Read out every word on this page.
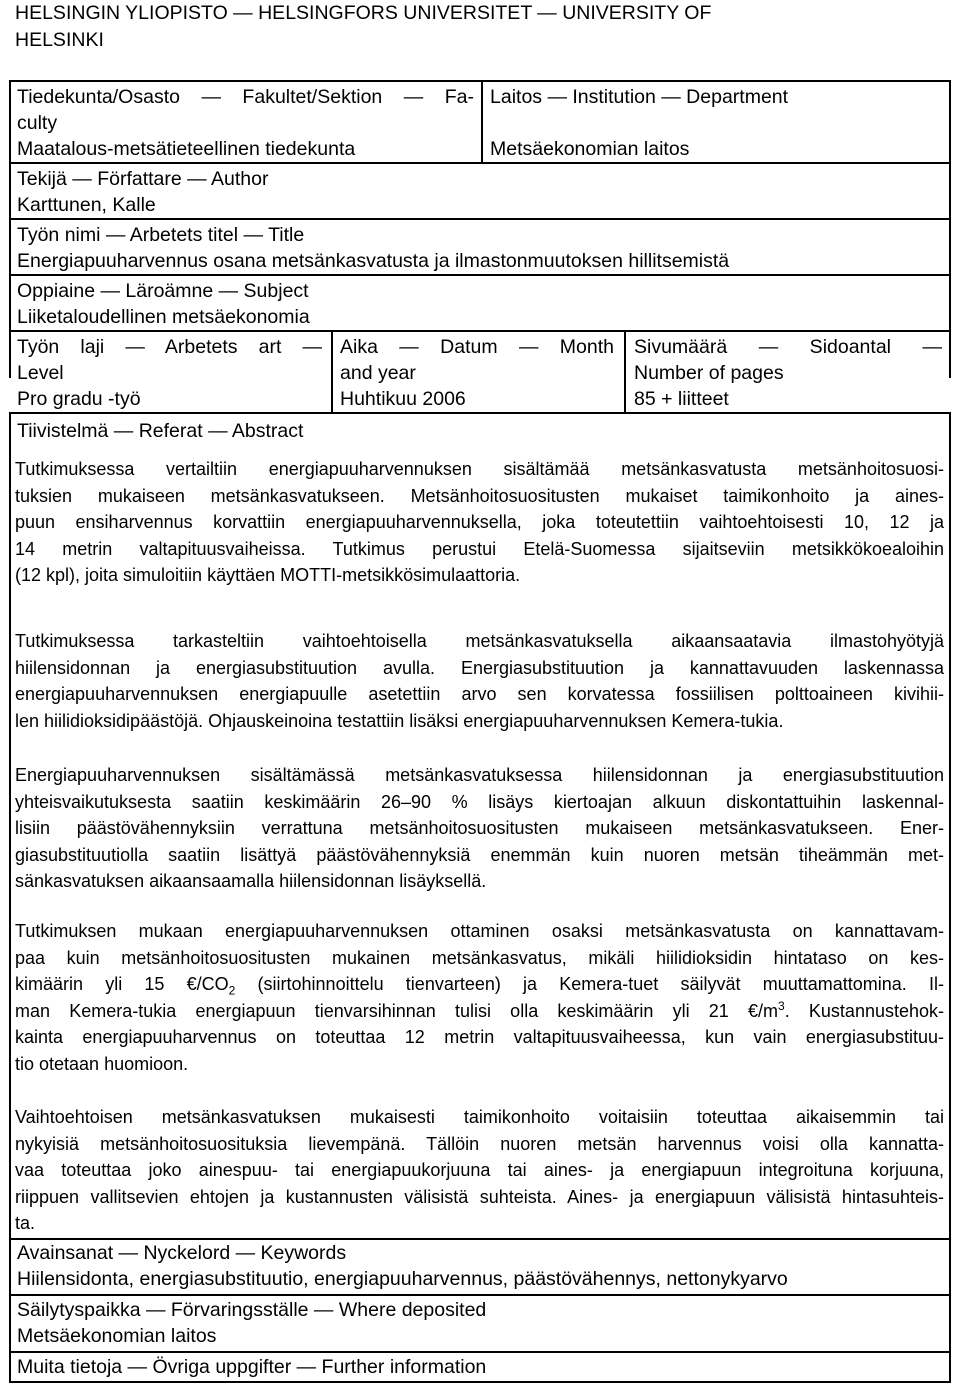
HELSINGIN YLIOPISTO — HELSINGFORS UNIVERSITET — UNIVERSITY OF
HELSINKI
Tiedekunta/Osasto — Fakultet/Sektion — Fa-
culty
Maatalous-metsätieteellinen tiedekunta
Laitos — Institution — Department
Metsäekonomian laitos
Tekijä — Författare — Author
Karttunen, Kalle
Työn nimi — Arbetets titel — Title
Energiapuuharvennus osana metsänkasvatusta ja ilmastonmuutoksen hillitsemistä
Oppiaine — Läroämne — Subject
Liiketaloudellinen metsäekonomia
Työn laji — Arbetets art —
Level
Pro gradu -työ
Aika — Datum — Month
and year
Huhtikuu 2006
Sivumäärä — Sidoantal —
Number of pages
85 + liitteet
Tiivistelmä — Referat — Abstract
Tutkimuksessa vertailtiin energiapuuharvennuksen sisältämää metsänkasvatusta metsänhoitosuosi-
tuksien mukaiseen metsänkasvatukseen. Metsänhoitosuositusten mukaiset taimikonhoito ja aines-
puun ensiharvennus korvattiin energiapuuharvennuksella, joka toteutettiin vaihtoehtoisesti 10, 12 ja
14 metrin valtapituusvaiheissa. Tutkimus perustui Etelä-Suomessa sijaitseviin metsikkökoealoihin
(12 kpl), joita simuloitiin käyttäen MOTTI-metsikkösimulaattoria.
Tutkimuksessa tarkasteltiin vaihtoehtoisella metsänkasvatuksella aikaansaatavia ilmastohyötyjä
hiilensidonnan ja energiasubstituution avulla. Energiasubstituution ja kannattavuuden laskennassa
energiapuuharvennuksen energiapuulle asetettiin arvo sen korvatessa fossiilisen polttoaineen kivihii-
len hiilidioksidipäästöjä. Ohjauskeinoina testattiin lisäksi energiapuuharvennuksen Kemera-tukia.
Energiapuuharvennuksen sisältämässä metsänkasvatuksessa hiilensidonnan ja energiasubstituution
yhteisvaikutuksesta saatiin keskimäärin 26–90 % lisäys kiertoajan alkuun diskontattuihin laskennal-
lisiin päästövähennyksiin verrattuna metsänhoitosuositusten mukaiseen metsänkasvatukseen. Ener-
giasubstituutiolla saatiin lisättyä päästövähennyksiä enemmän kuin nuoren metsän tiheämmän met-
sänkasvatuksen aikaansaamalla hiilensidonnan lisäyksellä.
Tutkimuksen mukaan energiapuuharvennuksen ottaminen osaksi metsänkasvatusta on kannattavam-
paa kuin metsänhoitosuositusten mukainen metsänkasvatus, mikäli hiilidioksidin hintataso on kes-
kimäärin yli 15 $€/CO_2$ (siirtohinnoittelu tienvarteen) ja Kemera-tuet säilyvät muuttamattomina. Il-
man Kemera-tukia energiapuun tienvarsihinnan tulisi olla keskimäärin yli 21 $€/m^3$. Kustannustehok-
kainta energiapuuharvennus on toteuttaa 12 metrin valtapituusvaiheessa, kun vain energiasubstituu-
tio otetaan huomioon.
Vaihtoehtoisen metsänkasvatuksen mukaisesti taimikonhoito voitaisiin toteuttaa aikaisemmin tai
nykyisiä metsänhoitosuosituksia lievempänä. Tällöin nuoren metsän harvennus voisi olla kannatta-
vaa toteuttaa joko ainespuu- tai energiapuukorjuuna tai aines- ja energiapuun integroituna korjuuna,
riippuen vallitsevien ehtojen ja kustannusten välisistä suhteista. Aines- ja energiapuun välisistä hintasuhteis-
ta.
Avainsanat — Nyckelord — Keywords
Hiilensidonta, energiasubstituutio, energiapuuharvennus, päästövähennys, nettonykyarvo
Säilytyspaikka — Förvaringsställe — Where deposited
Metsäekonomian laitos
Muita tietoja — Övriga uppgifter — Further information
